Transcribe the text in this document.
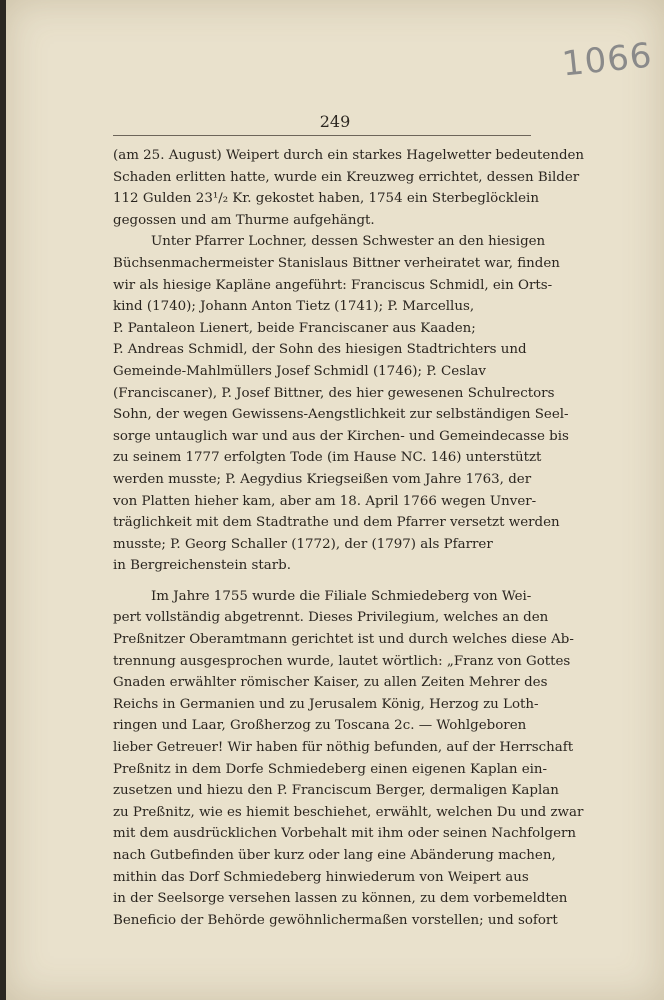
1066
249
(am 25. August) Weipert durch ein starkes Hagelwetter bedeutenden
Schaden erlitten hatte, wurde ein Kreuzweg errichtet, dessen Bilder
112 Gulden 23¹/₂ Kr. gekostet haben, 1754 ein Sterbeglöcklein
gegossen und am Thurme aufgehängt.
Unter Pfarrer Lochner, dessen Schwester an den hiesigen
Büchsenmachermeister Stanislaus Bittner verheiratet war, finden
wir als hiesige Kapläne angeführt: Franciscus Schmidl, ein Orts-
kind (1740); Johann Anton Tietz (1741); P. Marcellus,
P. Pantaleon Lienert, beide Franciscaner aus Kaaden;
P. Andreas Schmidl, der Sohn des hiesigen Stadtrichters und
Gemeinde-Mahlmüllers Josef Schmidl (1746); P. Ceslav
(Franciscaner), P. Josef Bittner, des hier gewesenen Schulrectors
Sohn, der wegen Gewissens-Aengstlichkeit zur selbständigen Seel-
sorge untauglich war und aus der Kirchen- und Gemeindecasse bis
zu seinem 1777 erfolgten Tode (im Hause NC. 146) unterstützt
werden musste; P. Aegydius Kriegseißen vom Jahre 1763, der
von Platten hieher kam, aber am 18. April 1766 wegen Unver-
träglichkeit mit dem Stadtrathe und dem Pfarrer versetzt werden
musste; P. Georg Schaller (1772), der (1797) als Pfarrer
in Bergreichenstein starb.
Im Jahre 1755 wurde die Filiale Schmiedeberg von Wei-
pert vollständig abgetrennt. Dieses Privilegium, welches an den
Preßnitzer Oberamtmann gerichtet ist und durch welches diese Ab-
trennung ausgesprochen wurde, lautet wörtlich: „Franz von Gottes
Gnaden erwählter römischer Kaiser, zu allen Zeiten Mehrer des
Reichs in Germanien und zu Jerusalem König, Herzog zu Loth-
ringen und Laar, Großherzog zu Toscana 2c. — Wohlgeboren
lieber Getreuer! Wir haben für nöthig befunden, auf der Herrschaft
Preßnitz in dem Dorfe Schmiedeberg einen eigenen Kaplan ein-
zusetzen und hiezu den P. Franciscum Berger, dermaligen Kaplan
zu Preßnitz, wie es hiemit beschiehet, erwählt, welchen Du und zwar
mit dem ausdrücklichen Vorbehalt mit ihm oder seinen Nachfolgern
nach Gutbefinden über kurz oder lang eine Abänderung machen,
mithin das Dorf Schmiedeberg hinwiederum von Weipert aus
in der Seelsorge versehen lassen zu können, zu dem vorbemeldten
Beneficio der Behörde gewöhnlichermaßen vorstellen; und sofort
